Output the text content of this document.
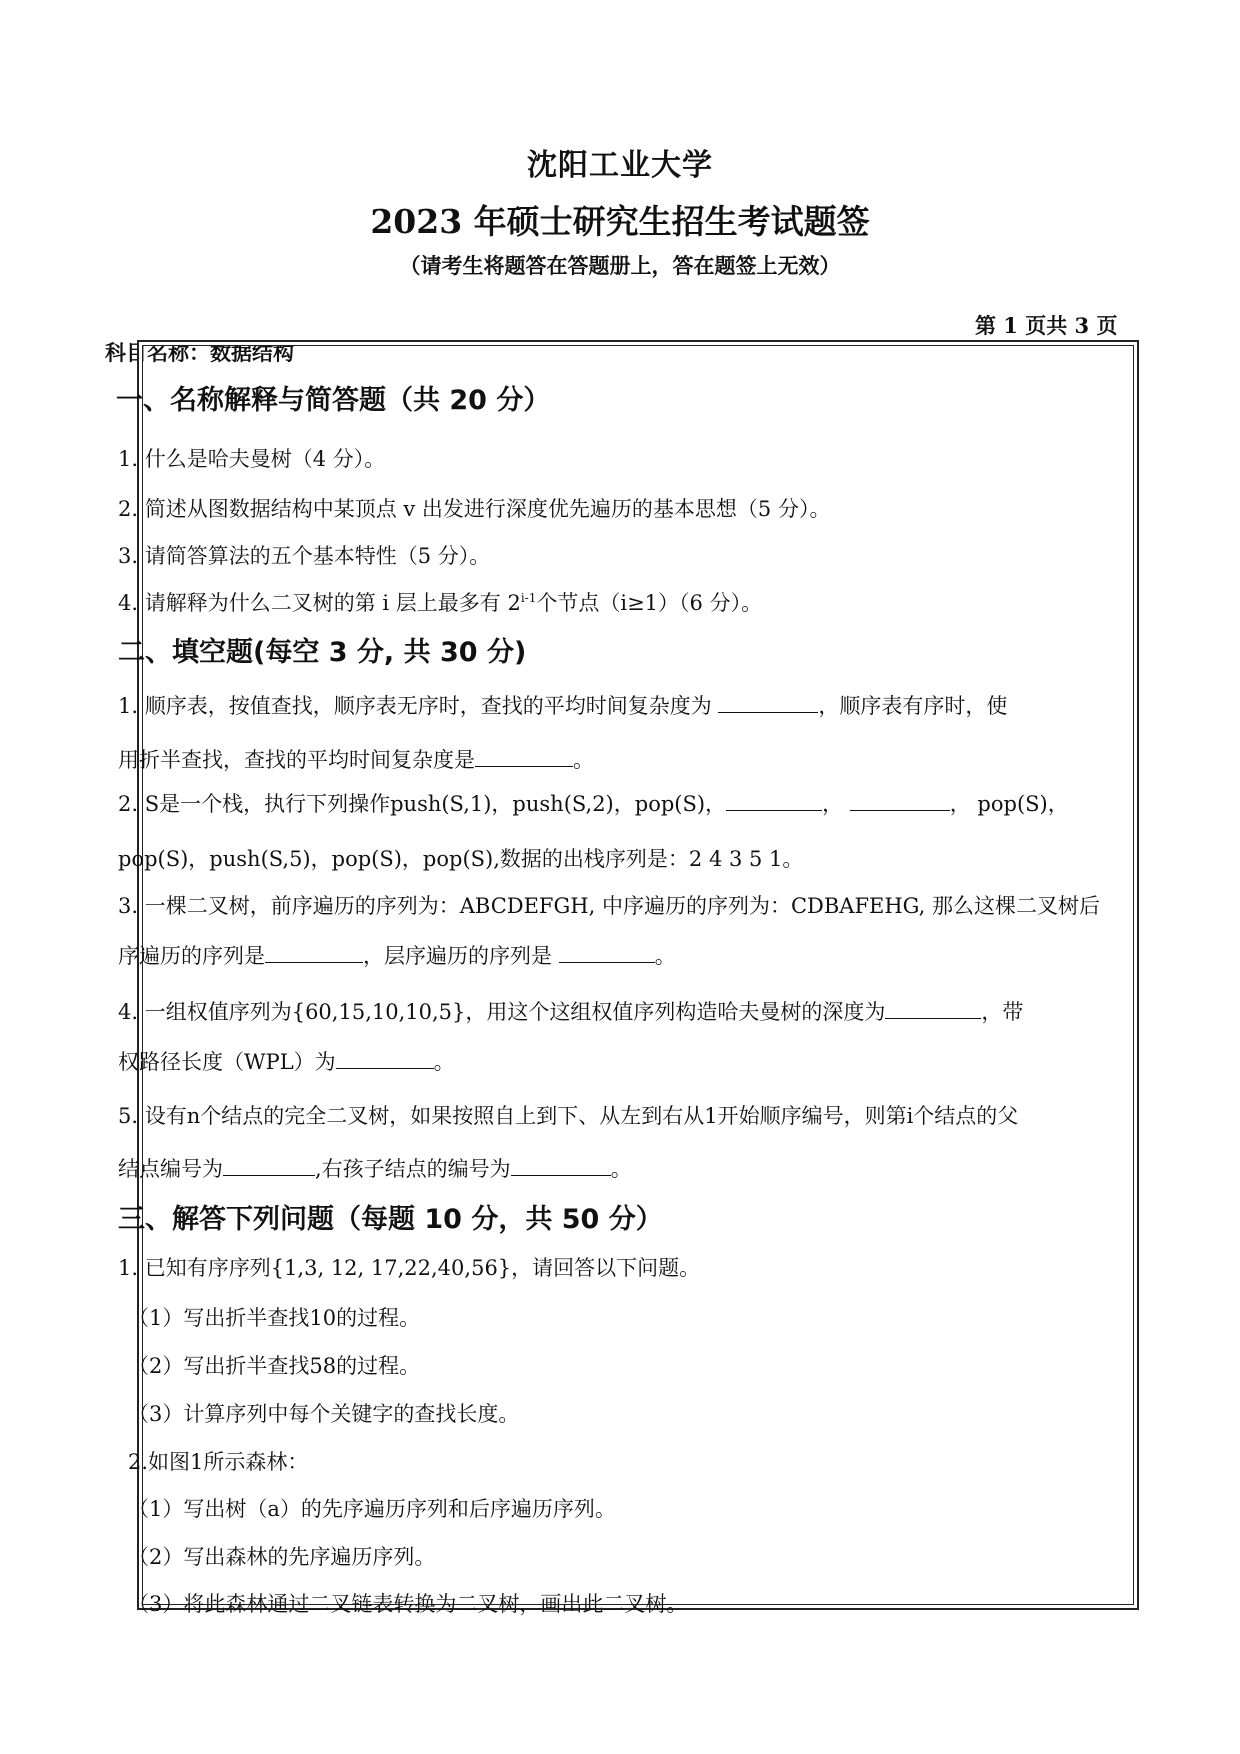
沈阳工业大学
2023 年硕士研究生招生考试题签
（请考生将题答在答题册上，答在题签上无效）
第 1 页共 3 页
科目名称：数据结构
一、名称解释与简答题（共 20 分）
1. 什么是哈夫曼树（4 分）。
2. 简述从图数据结构中某顶点 v 出发进行深度优先遍历的基本思想（5 分）。
3. 请简答算法的五个基本特性（5 分）。
4. 请解释为什么二叉树的第 i 层上最多有 2$^{i-1}$个节点（i≥1）（6 分）。
二、填空题(每空 3 分, 共 30 分)
1. 顺序表，按值查找，顺序表无序时，查找的平均时间复杂度为	，顺序表有序时，使
用折半查找，查找的平均时间复杂度是	。
2. S是一个栈，执行下列操作push(S,1)，push(S,2)，pop(S)，	，	， pop(S)，
pop(S)，push(S,5)，pop(S)，pop(S),数据的出栈序列是：2 4 3 5 1。
3. 一棵二叉树，前序遍历的序列为：ABCDEFGH, 中序遍历的序列为：CDBAFEHG, 那么这棵二叉树后
序遍历的序列是	，层序遍历的序列是	。
4. 一组权值序列为{60,15,10,10,5}，用这个这组权值序列构造哈夫曼树的深度为	，带
权路径长度（WPL）为	。
5. 设有n个结点的完全二叉树，如果按照自上到下、从左到右从1开始顺序编号，则第i个结点的父
结点编号为	,右孩子结点的编号为	。
三、解答下列问题（每题 10 分，共 50 分）
1. 已知有序序列{1,3, 12, 17,22,40,56}，请回答以下问题。
（1）写出折半查找10的过程。
（2）写出折半查找58的过程。
（3）计算序列中每个关键字的查找长度。
2.如图1所示森林：
（1）写出树（a）的先序遍历序列和后序遍历序列。
（2）写出森林的先序遍历序列。
（3）将此森林通过二叉链表转换为二叉树，画出此二叉树。
